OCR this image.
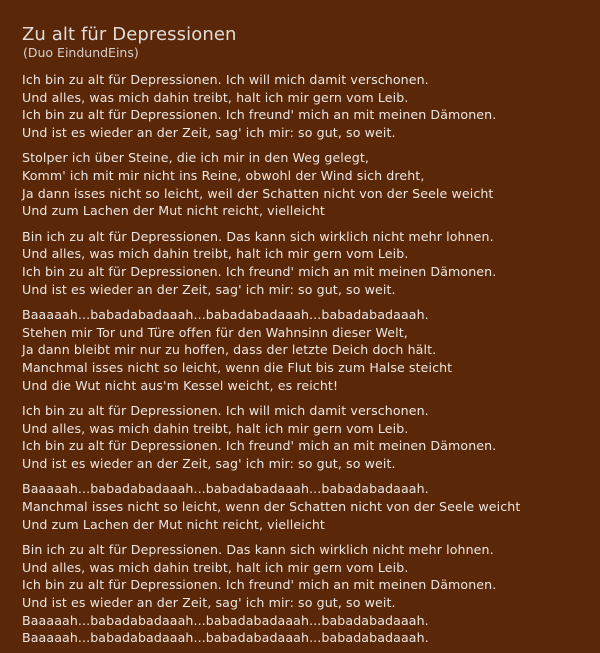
Zu alt für Depressionen
(Duo EindundEins)
Ich bin zu alt für Depressionen. Ich will mich damit verschonen.
Und alles, was mich dahin treibt, halt ich mir gern vom Leib.
Ich bin zu alt für Depressionen. Ich freund' mich an mit meinen Dämonen.
Und ist es wieder an der Zeit, sag' ich mir: so gut, so weit.
Stolper ich über Steine, die ich mir in den Weg gelegt,
Komm' ich mit mir nicht ins Reine, obwohl der Wind sich dreht,
Ja dann isses nicht so leicht, weil der Schatten nicht von der Seele weicht
Und zum Lachen der Mut nicht reicht, vielleicht
Bin ich zu alt für Depressionen. Das kann sich wirklich nicht mehr lohnen.
Und alles, was mich dahin treibt, halt ich mir gern vom Leib.
Ich bin zu alt für Depressionen. Ich freund' mich an mit meinen Dämonen.
Und ist es wieder an der Zeit, sag' ich mir: so gut, so weit.
Baaaaah...babadabadaaah...babadabadaaah...babadabadaaah.
Stehen mir Tor und Türe offen für den Wahnsinn dieser Welt,
Ja dann bleibt mir nur zu hoffen, dass der letzte Deich doch hält.
Manchmal isses nicht so leicht, wenn die Flut bis zum Halse steicht
Und die Wut nicht aus'm Kessel weicht, es reicht!
Ich bin zu alt für Depressionen. Ich will mich damit verschonen.
Und alles, was mich dahin treibt, halt ich mir gern vom Leib.
Ich bin zu alt für Depressionen. Ich freund' mich an mit meinen Dämonen.
Und ist es wieder an der Zeit, sag' ich mir: so gut, so weit.
Baaaaah...babadabadaaah...babadabadaaah...babadabadaaah.
Manchmal isses nicht so leicht, wenn der Schatten nicht von der Seele weicht
Und zum Lachen der Mut nicht reicht, vielleicht
Bin ich zu alt für Depressionen. Das kann sich wirklich nicht mehr lohnen.
Und alles, was mich dahin treibt, halt ich mir gern vom Leib.
Ich bin zu alt für Depressionen. Ich freund' mich an mit meinen Dämonen.
Und ist es wieder an der Zeit, sag' ich mir: so gut, so weit.
Baaaaah...babadabadaaah...babadabadaaah...babadabadaaah.
Baaaaah...babadabadaaah...babadabadaaah...babadabadaaah.
